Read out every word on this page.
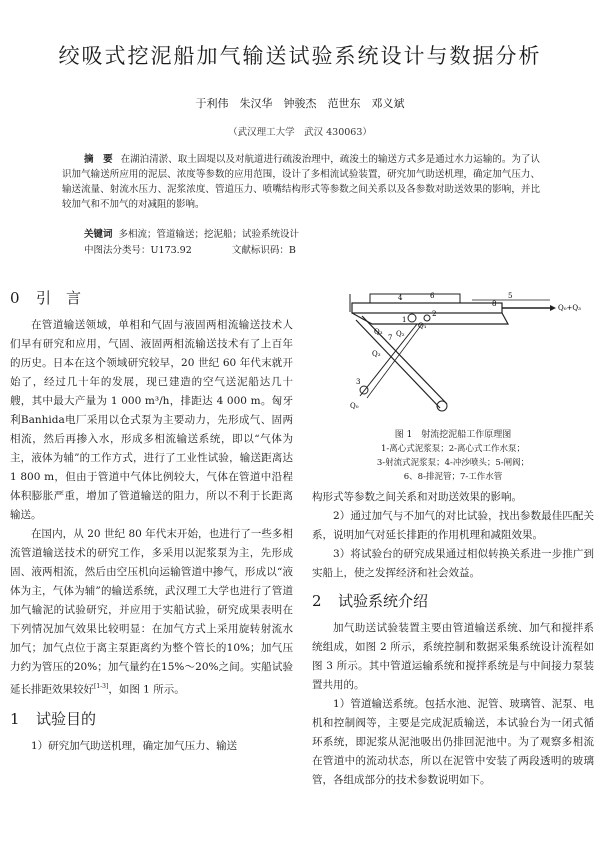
绞吸式挖泥船加气输送试验系统设计与数据分析
于利伟　朱汉华　钟骏杰　范世东　邓义斌
（武汉理工大学　武汉 430063）
摘　要 在湖泊清淤、取土固堤以及对航道进行疏浚治理中，疏浚土的输送方式多是通过水力运输的。为了认识加气输送所应用的泥层、浓度等参数的应用范围，设计了多相流试验装置，研究加气助送机理，确定加气压力、输送流量、射流水压力、泥浆浓度、管道压力、喷嘴结构形式等参数之间关系以及各参数对助送效果的影响，并比较加气和不加气的对减阻的影响。
关键词 多相流；管道输送；挖泥船；试验系统设计
中图法分类号：U173.92	文献标识码：B
0 引　言

在管道输送领域，单相和气固与液固两相流输送技术人们早有研究和应用，气固、液固两相流输送技术有了上百年的历史。日本在这个领域研究较早，20 世纪 60 年代末就开始了，经过几十年的发展，现已建造的空气送泥船达几十艘，其中最大产量为 1 000 m³/h，排距达 4 000 m。匈牙利Banhida电厂采用以仓式泵为主要动力，先形成气、固两相流，然后再掺入水，形成多相流输送系统，即以“气体为主，液体为辅”的工作方式，进行了工业性试验，输送距离达 1 800 m，但由于管道中气体比例较大，气体在管道中沿程体积膨胀严重，增加了管道输送的阻力，所以不利于长距离输送。

在国内，从 20 世纪 80 年代末开始，也进行了一些多相流管道输送技术的研究工作，多采用以泥浆泵为主，先形成固、液两相流，然后由空压机向运输管道中掺气，形成以“液体为主，气体为辅”的输送系统，武汉理工大学也进行了管道加气输泥的试验研究，并应用于实船试验，研究成果表明在下列情况加气效果比较明显：在加气方式上采用旋转射流水加气；加气点位于离主泵距离约为整个管长的10%；加气压力约为管压的20%；加气量约在15%～20%之间。实船试验延长排距效果较好[1-3]，如图 1 所示。

1 试验目的

1）研究加气助送机理，确定加气压力、输送

5
8
6
4
2
1
7
3
Q₁
Q₂
Q₃
Q₀
Q₀+Q₃
Q₃
图 1　射流挖泥船工作原理图
1-离心式泥浆泵；2-离心式工作水泵；
3-射流式泥浆泵；4-冲沙喷头；5-闸阀；
6、8-排泥管；7-工作水管

构形式等参数之间关系和对助送效果的影响。

2）通过加气与不加气的对比试验，找出参数最佳匹配关系，说明加气对延长排距的作用机理和减阻效果。

3）将试验台的研究成果通过相似转换关系进一步推广到实船上，使之发挥经济和社会效益。

2 试验系统介绍

加气助送试验装置主要由管道输送系统、加气和搅拌系统组成，如图 2 所示，系统控制和数据采集系统设计流程如图 3 所示。其中管道运输系统和搅拌系统是与中间接力泵装置共用的。

1）管道输送系统。包括水池、泥管、玻璃管、泥泵、电机和控制阀等，主要是完成泥质输送，本试验台为一闭式循环系统，即泥浆从泥池吸出仍排回泥池中。为了观察多相流在管道中的流动状态，所以在泥管中安装了两段透明的玻璃管，各组成部分的技术参数说明如下。
